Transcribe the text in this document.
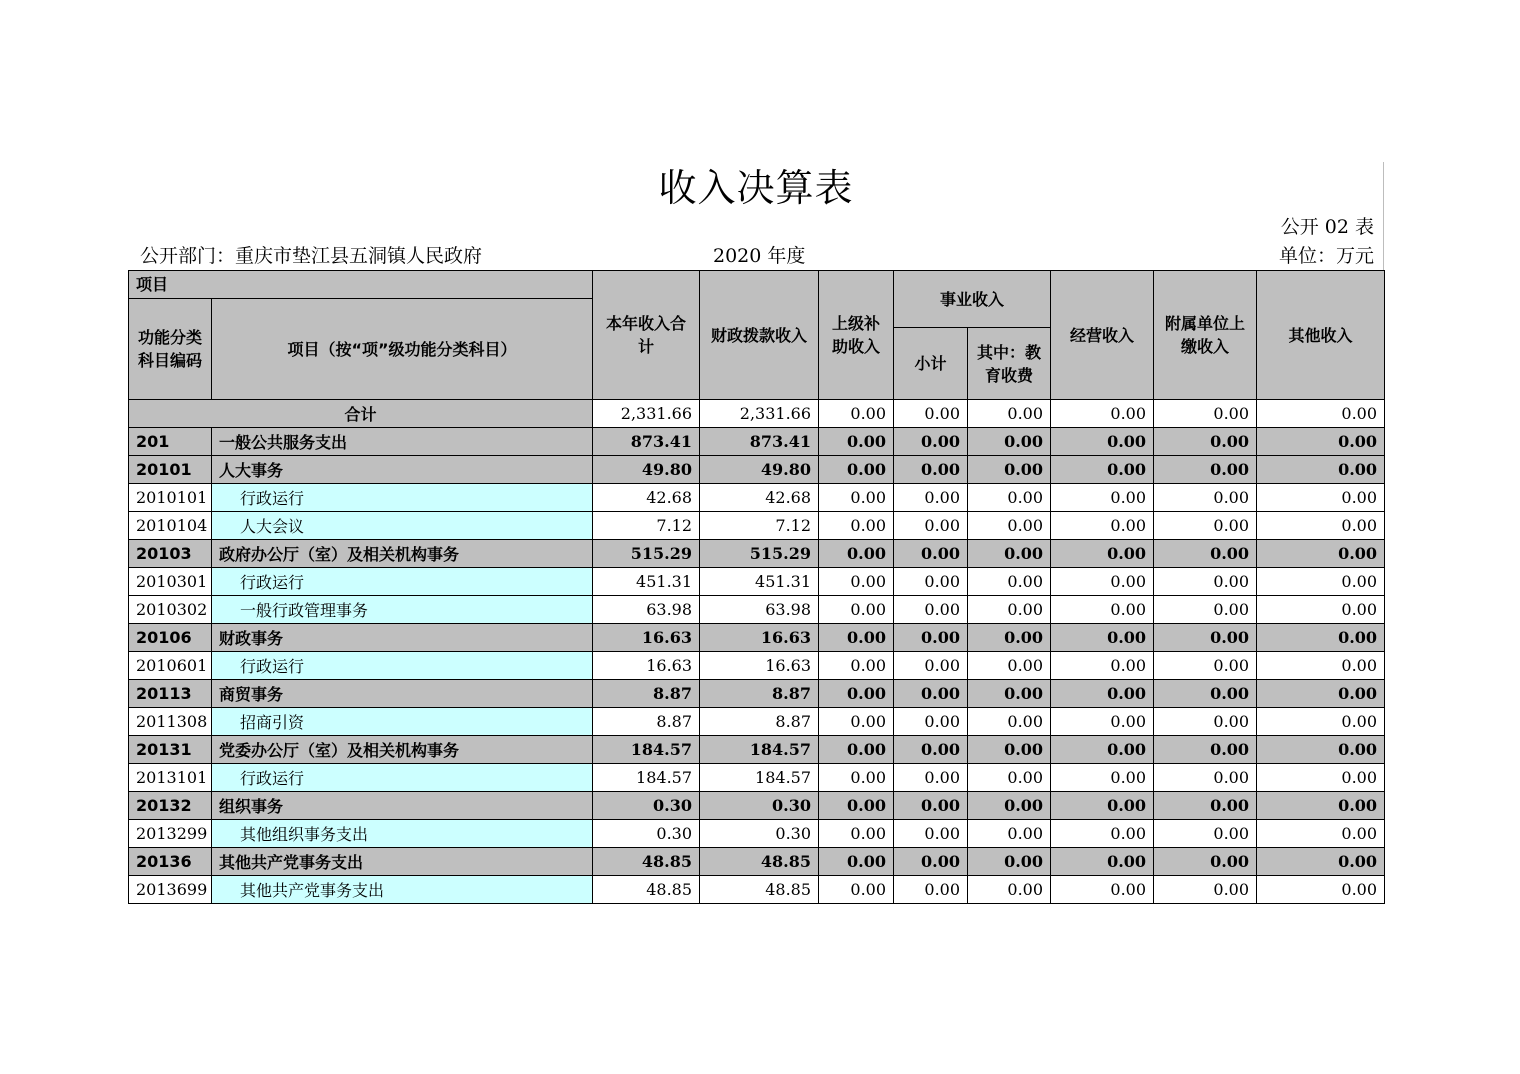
收入决算表
公开 02 表
公开部门：重庆市垫江县五洞镇人民政府	2020 年度	单位：万元
项目		本年收入合计	财政拨款收入	上级补助收入	事业收入		经营收入	附属单位上缴收入	其他收入
功能分类科目编码	项目（按“项”级功能分类科目）								
					小计	其中：教育收费			
合计		2,331.66	2,331.66	0.00	0.00	0.00	0.00	0.00	0.00
201	一般公共服务支出	873.41	873.41	0.00	0.00	0.00	0.00	0.00	0.00
20101	人大事务	49.80	49.80	0.00	0.00	0.00	0.00	0.00	0.00
2010101	行政运行	42.68	42.68	0.00	0.00	0.00	0.00	0.00	0.00
2010104	人大会议	7.12	7.12	0.00	0.00	0.00	0.00	0.00	0.00
20103	政府办公厅（室）及相关机构事务	515.29	515.29	0.00	0.00	0.00	0.00	0.00	0.00
2010301	行政运行	451.31	451.31	0.00	0.00	0.00	0.00	0.00	0.00
2010302	一般行政管理事务	63.98	63.98	0.00	0.00	0.00	0.00	0.00	0.00
20106	财政事务	16.63	16.63	0.00	0.00	0.00	0.00	0.00	0.00
2010601	行政运行	16.63	16.63	0.00	0.00	0.00	0.00	0.00	0.00
20113	商贸事务	8.87	8.87	0.00	0.00	0.00	0.00	0.00	0.00
2011308	招商引资	8.87	8.87	0.00	0.00	0.00	0.00	0.00	0.00
20131	党委办公厅（室）及相关机构事务	184.57	184.57	0.00	0.00	0.00	0.00	0.00	0.00
2013101	行政运行	184.57	184.57	0.00	0.00	0.00	0.00	0.00	0.00
20132	组织事务	0.30	0.30	0.00	0.00	0.00	0.00	0.00	0.00
2013299	其他组织事务支出	0.30	0.30	0.00	0.00	0.00	0.00	0.00	0.00
20136	其他共产党事务支出	48.85	48.85	0.00	0.00	0.00	0.00	0.00	0.00
2013699	其他共产党事务支出	48.85	48.85	0.00	0.00	0.00	0.00	0.00	0.00
